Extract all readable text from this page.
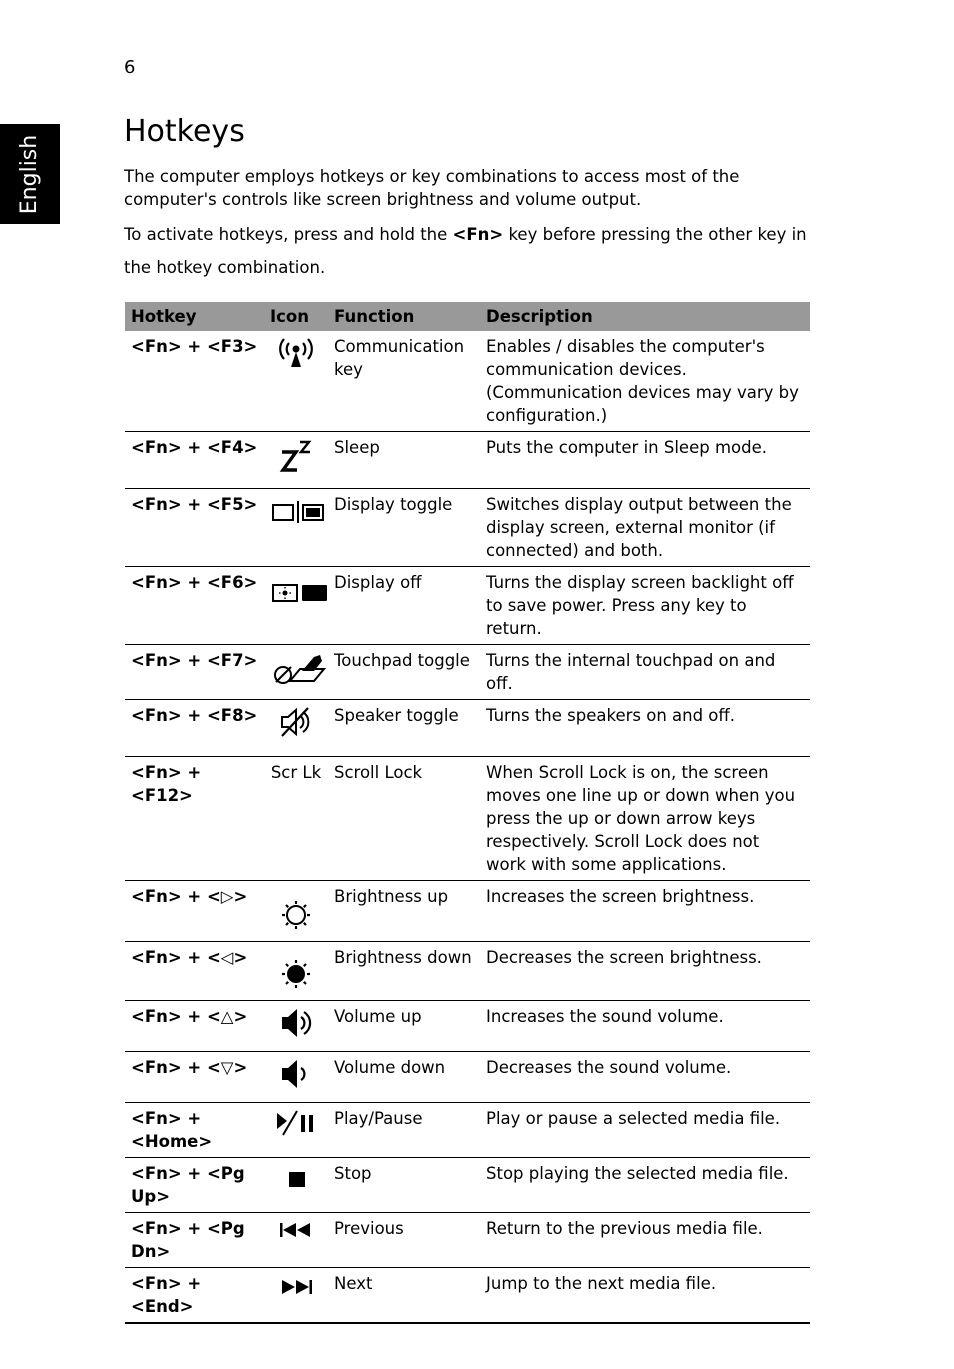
6
English
Hotkeys

The computer employs hotkeys or key combinations to access most of the computer's controls like screen brightness and volume output.

To activate hotkeys, press and hold the <Fn> key before pressing the other key in the hotkey combination.

Hotkey	Icon	Function	Description
<Fn> + <F3>		Communication key	Enables / disables the computer's communication devices. (Communication devices may vary by configuration.)
<Fn> + <F4>		Sleep	Puts the computer in Sleep mode.
<Fn> + <F5>		Display toggle	Switches display output between the display screen, external monitor (if connected) and both.
<Fn> + <F6>		Display off	Turns the display screen backlight off to save power. Press any key to return.
<Fn> + <F7>		Touchpad toggle	Turns the internal touchpad on and off.
<Fn> + <F8>		Speaker toggle	Turns the speakers on and off.
<Fn> + <F12>	Scr Lk	Scroll Lock	When Scroll Lock is on, the screen moves one line up or down when you press the up or down arrow keys respectively. Scroll Lock does not work with some applications.
<Fn> + <▷>		Brightness up	Increases the screen brightness.
<Fn> + <◁>		Brightness down	Decreases the screen brightness.
<Fn> + <△>		Volume up	Increases the sound volume.
<Fn> + <▽>		Volume down	Decreases the sound volume.
<Fn> + <Home>		Play/Pause	Play or pause a selected media file.
<Fn> + <Pg Up>		Stop	Stop playing the selected media file.
<Fn> + <Pg Dn>		Previous	Return to the previous media file.
<Fn> + <End>		Next	Jump to the next media file.
